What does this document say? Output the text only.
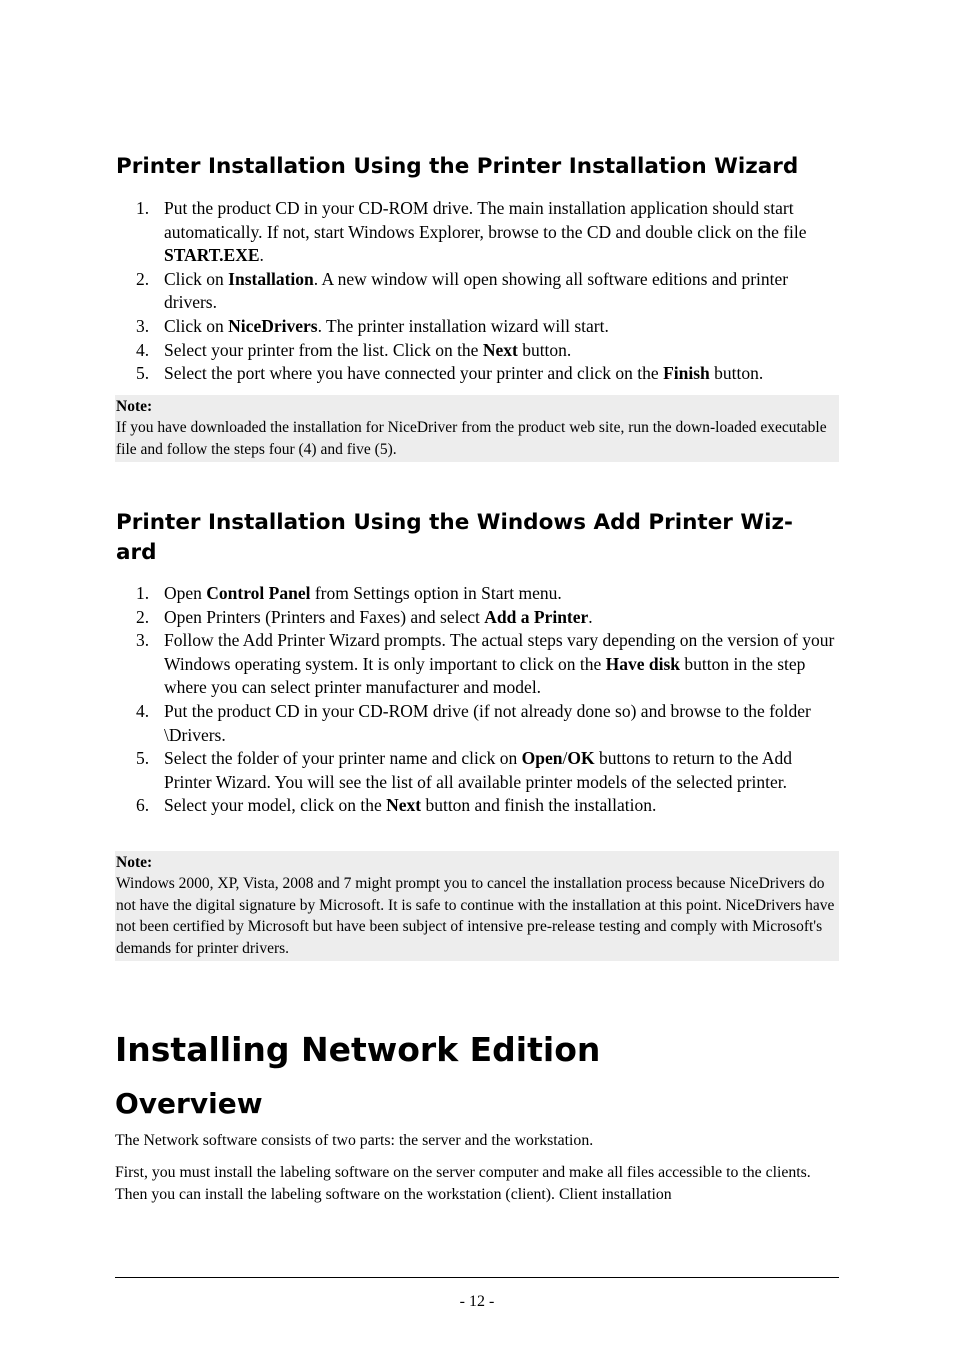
Printer Installation Using the Printer Installation Wizard
1. Put the product CD in your CD-ROM drive. The main installation application should start automatically. If not, start Windows Explorer, browse to the CD and double click on the file START.EXE.
2. Click on Installation. A new window will open showing all software editions and printer drivers.
3. Click on NiceDrivers. The printer installation wizard will start.
4. Select your printer from the list. Click on the Next button.
5. Select the port where you have connected your printer and click on the Finish button.
Note:
If you have downloaded the installation for NiceDriver from the product web site, run the down-loaded executable file and follow the steps four (4) and five (5).
Printer Installation Using the Windows Add Printer Wiz-ard
1. Open Control Panel from Settings option in Start menu.
2. Open Printers (Printers and Faxes) and select Add a Printer.
3. Follow the Add Printer Wizard prompts. The actual steps vary depending on the version of your Windows operating system. It is only important to click on the Have disk button in the step where you can select printer manufacturer and model.
4. Put the product CD in your CD-ROM drive (if not already done so) and browse to the folder \Drivers.
5. Select the folder of your printer name and click on Open/OK buttons to return to the Add Printer Wizard. You will see the list of all available printer models of the selected printer.
6. Select your model, click on the Next button and finish the installation.
Note:
Windows 2000, XP, Vista, 2008 and 7 might prompt you to cancel the installation process because NiceDrivers do not have the digital signature by Microsoft. It is safe to continue with the installation at this point. NiceDrivers have not been certified by Microsoft but have been subject of intensive pre-release testing and comply with Microsoft's demands for printer drivers.
Installing Network Edition
Overview

The Network software consists of two parts: the server and the workstation.

First, you must install the labeling software on the server computer and make all files accessible to the clients. Then you can install the labeling software on the workstation (client). Client installation

- 12 -
